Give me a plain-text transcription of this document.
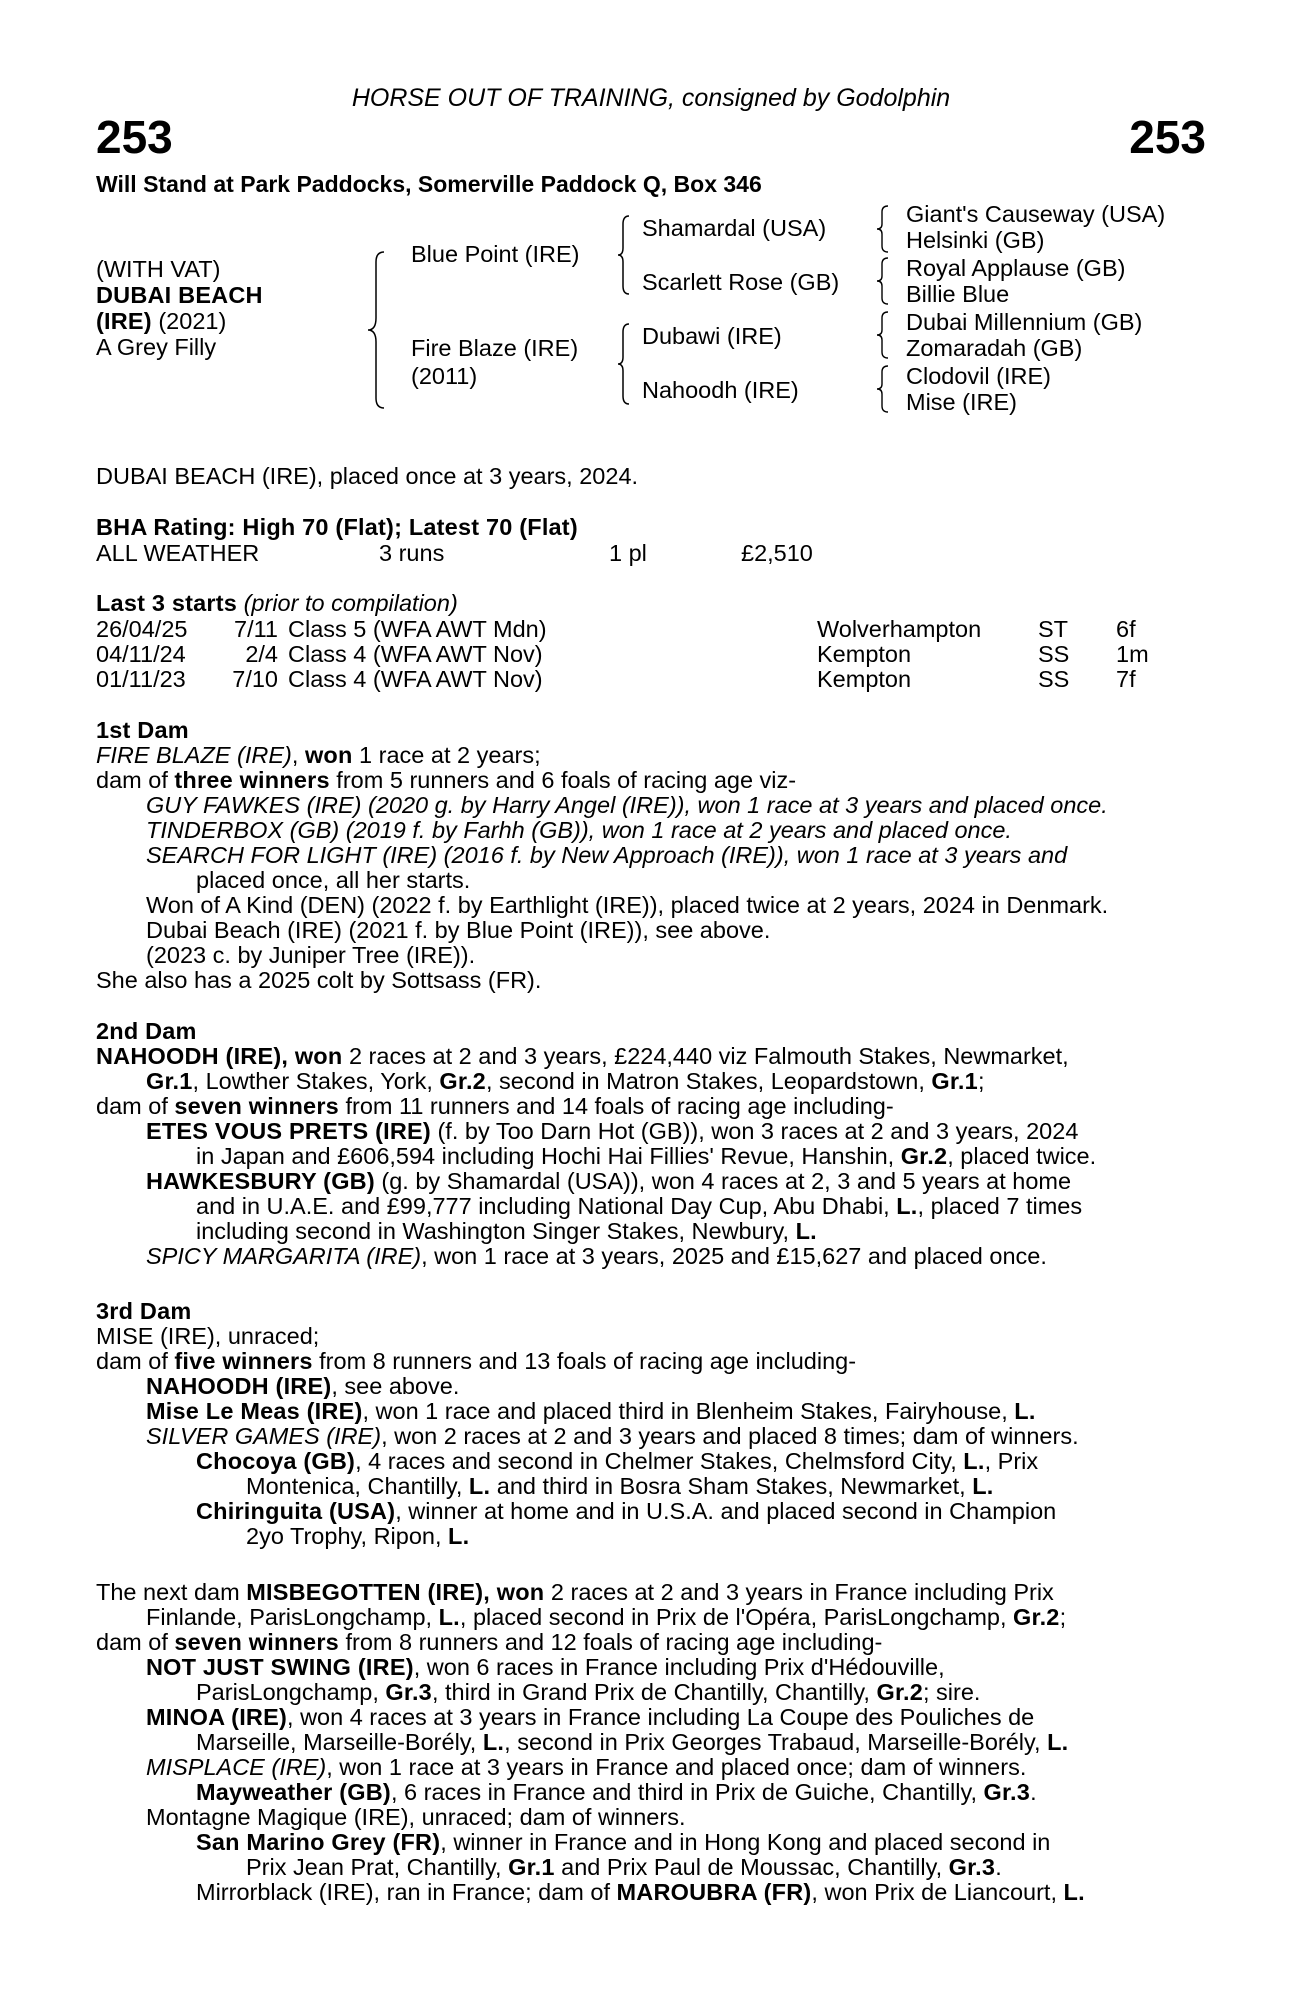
HORSE OUT OF TRAINING, consigned by Godolphin
253	253
Will Stand at Park Paddocks, Somerville Paddock Q, Box 346
(WITH VAT)
DUBAI BEACH
(IRE) (2021)
A Grey Filly
Blue Point (IRE)
Fire Blaze (IRE)
(2011)
Shamardal (USA)
Scarlett Rose (GB)
Dubawi (IRE)
Nahoodh (IRE)
Giant's Causeway (USA)
Helsinki (GB)
Royal Applause (GB)
Billie Blue
Dubai Millennium (GB)
Zomaradah (GB)
Clodovil (IRE)
Mise (IRE)
DUBAI BEACH (IRE), placed once at 3 years, 2024.
BHA Rating: High 70 (Flat); Latest 70 (Flat)
ALL WEATHER	3 runs	1 pl	£2,510
Last 3 starts (prior to compilation)
26/04/25	7/11 Class 5 (WFA AWT Mdn)	Wolverhampton ST 6f
04/11/24	2/4 Class 4 (WFA AWT Nov)	Kempton	SS 1m
01/11/23	7/10 Class 4 (WFA AWT Nov)	Kempton	SS 7f
1st Dam
FIRE BLAZE (IRE), won 1 race at 2 years;
dam of three winners from 5 runners and 6 foals of racing age viz-
GUY FAWKES (IRE) (2020 g. by Harry Angel (IRE)), won 1 race at 3 years and placed once.
TINDERBOX (GB) (2019 f. by Farhh (GB)), won 1 race at 2 years and placed once.
SEARCH FOR LIGHT (IRE) (2016 f. by New Approach (IRE)), won 1 race at 3 years and
placed once, all her starts.
Won of A Kind (DEN) (2022 f. by Earthlight (IRE)), placed twice at 2 years, 2024 in Denmark.
Dubai Beach (IRE) (2021 f. by Blue Point (IRE)), see above.
(2023 c. by Juniper Tree (IRE)).
She also has a 2025 colt by Sottsass (FR).
2nd Dam
NAHOODH (IRE), won 2 races at 2 and 3 years, £224,440 viz Falmouth Stakes, Newmarket,
Gr.1, Lowther Stakes, York, Gr.2, second in Matron Stakes, Leopardstown, Gr.1;
dam of seven winners from 11 runners and 14 foals of racing age including-
ETES VOUS PRETS (IRE) (f. by Too Darn Hot (GB)), won 3 races at 2 and 3 years, 2024
in Japan and £606,594 including Hochi Hai Fillies' Revue, Hanshin, Gr.2, placed twice.
HAWKESBURY (GB) (g. by Shamardal (USA)), won 4 races at 2, 3 and 5 years at home
and in U.A.E. and £99,777 including National Day Cup, Abu Dhabi, L., placed 7 times
including second in Washington Singer Stakes, Newbury, L.
SPICY MARGARITA (IRE), won 1 race at 3 years, 2025 and £15,627 and placed once.
3rd Dam
MISE (IRE), unraced;
dam of five winners from 8 runners and 13 foals of racing age including-
NAHOODH (IRE), see above.
Mise Le Meas (IRE), won 1 race and placed third in Blenheim Stakes, Fairyhouse, L.
SILVER GAMES (IRE), won 2 races at 2 and 3 years and placed 8 times; dam of winners.
Chocoya (GB), 4 races and second in Chelmer Stakes, Chelmsford City, L., Prix
Montenica, Chantilly, L. and third in Bosra Sham Stakes, Newmarket, L.
Chiringuita (USA), winner at home and in U.S.A. and placed second in Champion
2yo Trophy, Ripon, L.
The next dam MISBEGOTTEN (IRE), won 2 races at 2 and 3 years in France including Prix
Finlande, ParisLongchamp, L., placed second in Prix de l'Opéra, ParisLongchamp, Gr.2;
dam of seven winners from 8 runners and 12 foals of racing age including-
NOT JUST SWING (IRE), won 6 races in France including Prix d'Hédouville,
ParisLongchamp, Gr.3, third in Grand Prix de Chantilly, Chantilly, Gr.2; sire.
MINOA (IRE), won 4 races at 3 years in France including La Coupe des Pouliches de
Marseille, Marseille-Borély, L., second in Prix Georges Trabaud, Marseille-Borély, L.
MISPLACE (IRE), won 1 race at 3 years in France and placed once; dam of winners.
Mayweather (GB), 6 races in France and third in Prix de Guiche, Chantilly, Gr.3.
Montagne Magique (IRE), unraced; dam of winners.
San Marino Grey (FR), winner in France and in Hong Kong and placed second in
Prix Jean Prat, Chantilly, Gr.1 and Prix Paul de Moussac, Chantilly, Gr.3.
Mirrorblack (IRE), ran in France; dam of MAROUBRA (FR), won Prix de Liancourt, L.
